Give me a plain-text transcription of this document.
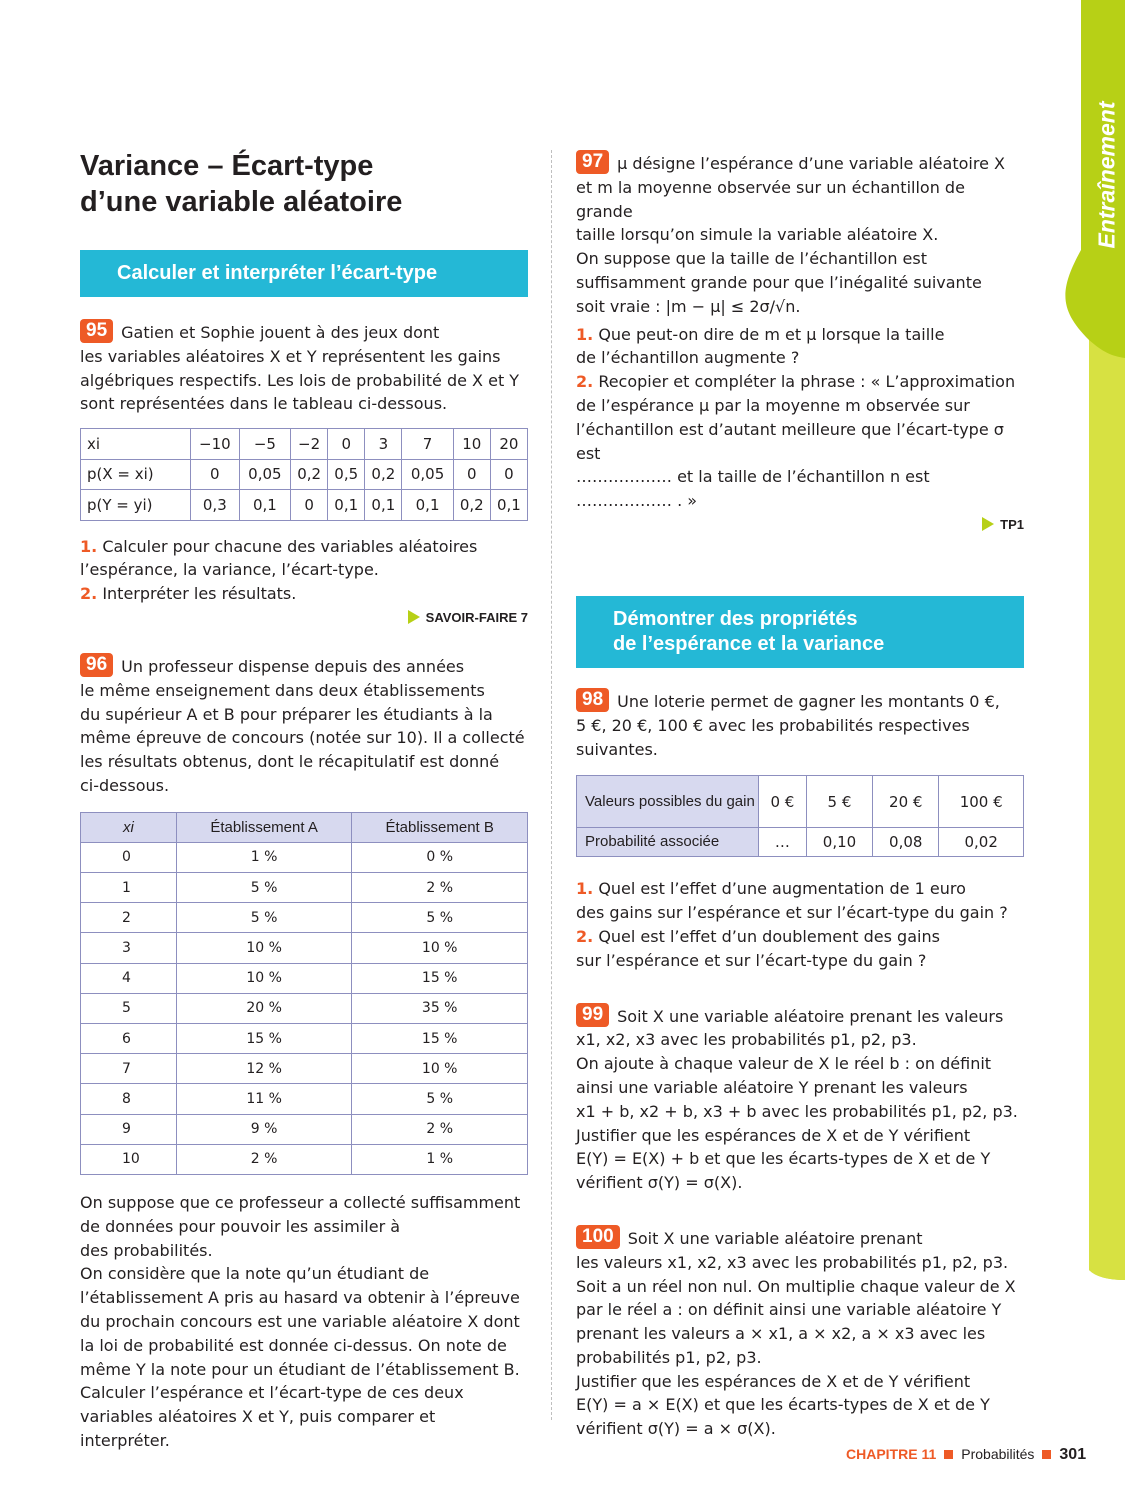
Entraînement
Variance – Écart-type
d’une variable aléatoire
Calculer et interpréter l’écart-type

95 Gatien et Sophie jouent à des jeux dont

les variables aléatoires X et Y représentent les gains

algébriques respectifs. Les lois de probabilité de X et Y

sont représentées dans le tableau ci-dessous.

xi	−10	−5	−2	0	3	7	10	20
p(X = xi)	0	0,05	0,2	0,5	0,2	0,05	0	0
p(Y = yi)	0,3	0,1	0	0,1	0,1	0,1	0,2	0,1

1. Calculer pour chacune des variables aléatoires

l’espérance, la variance, l’écart-type.

2. Interpréter les résultats.

SAVOIR-FAIRE 7

96 Un professeur dispense depuis des années

le même enseignement dans deux établissements

du supérieur A et B pour préparer les étudiants à la

même épreuve de concours (notée sur 10). Il a collecté

les résultats obtenus, dont le récapitulatif est donné

ci-dessous.

xi	Établissement A	Établissement B
0	1 %	0 %
1	5 %	2 %
2	5 %	5 %
3	10 %	10 %
4	10 %	15 %
5	20 %	35 %
6	15 %	15 %
7	12 %	10 %
8	11 %	5 %
9	9 %	2 %
10	2 %	1 %

On suppose que ce professeur a collecté suffisamment

de données pour pouvoir les assimiler à

des probabilités.

On considère que la note qu’un étudiant de

l’établissement A pris au hasard va obtenir à l’épreuve

du prochain concours est une variable aléatoire X dont

la loi de probabilité est donnée ci-dessus. On note de

même Y la note pour un étudiant de l’établissement B.

Calculer l’espérance et l’écart-type de ces deux

variables aléatoires X et Y, puis comparer et interpréter.

97 μ désigne l’espérance d’une variable aléatoire X

et m la moyenne observée sur un échantillon de grande

taille lorsqu’on simule la variable aléatoire X.

On suppose que la taille de l’échantillon est

suffisamment grande pour que l’inégalité suivante

soit vraie : |m − μ| ≤ 2σ/√n.

1. Que peut-on dire de m et μ lorsque la taille

de l’échantillon augmente ?

2. Recopier et compléter la phrase : « L’approximation

de l’espérance μ par la moyenne m observée sur

l’échantillon est d’autant meilleure que l’écart-type σ est

……………… et la taille de l’échantillon n est ……………… . »

TP1
Démontrer des propriétés
de l’espérance et la variance

98 Une loterie permet de gagner les montants 0 €,

5 €, 20 €, 100 € avec les probabilités respectives

suivantes.

Valeurs possibles du gain	0 €	5 €	20 €	100 €
Probabilité associée	…	0,10	0,08	0,02

1. Quel est l’effet d’une augmentation de 1 euro

des gains sur l’espérance et sur l’écart-type du gain ?

2. Quel est l’effet d’un doublement des gains

sur l’espérance et sur l’écart-type du gain ?

99 Soit X une variable aléatoire prenant les valeurs

x1, x2, x3 avec les probabilités p1, p2, p3.

On ajoute à chaque valeur de X le réel b : on définit

ainsi une variable aléatoire Y prenant les valeurs

x1 + b, x2 + b, x3 + b avec les probabilités p1, p2, p3.

Justifier que les espérances de X et de Y vérifient

E(Y) = E(X) + b et que les écarts-types de X et de Y

vérifient σ(Y) = σ(X).

100 Soit X une variable aléatoire prenant

les valeurs x1, x2, x3 avec les probabilités p1, p2, p3.

Soit a un réel non nul. On multiplie chaque valeur de X

par le réel a : on définit ainsi une variable aléatoire Y

prenant les valeurs a × x1, a × x2, a × x3 avec les

probabilités p1, p2, p3.

Justifier que les espérances de X et de Y vérifient

E(Y) = a × E(X) et que les écarts-types de X et de Y

vérifient σ(Y) = a × σ(X).

CHAPITRE 11 Probabilités 301
